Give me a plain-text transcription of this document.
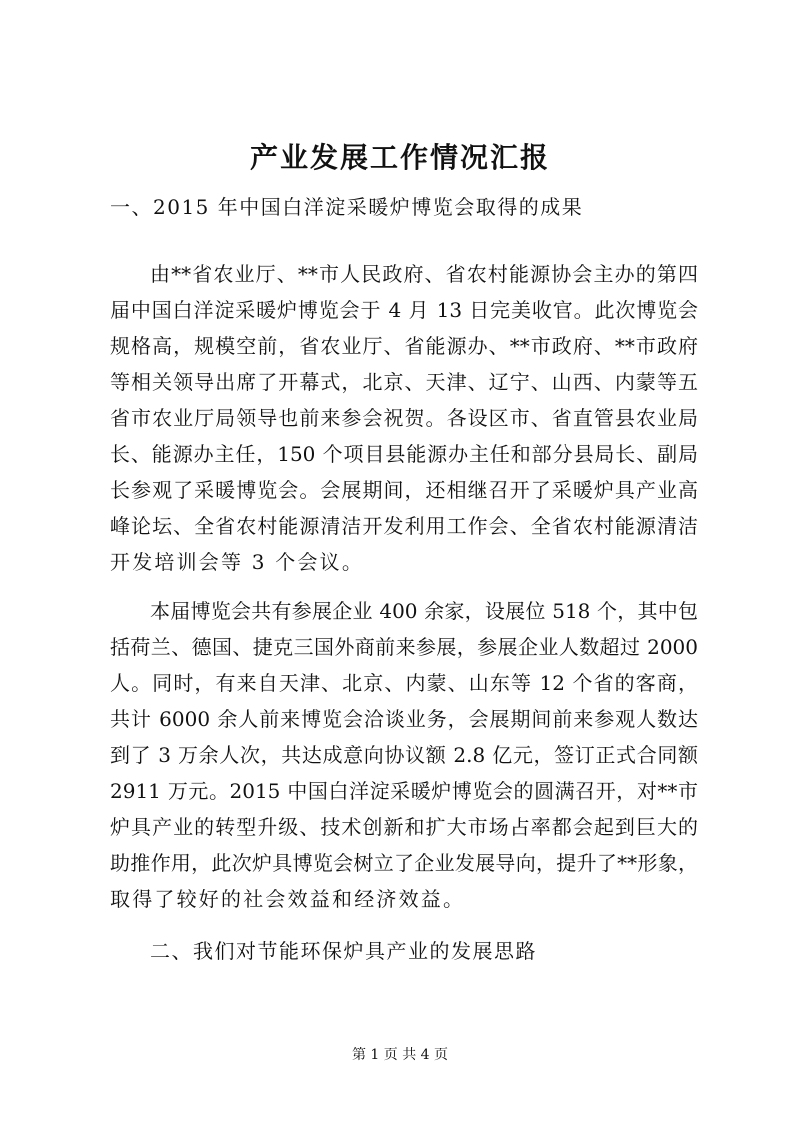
产业发展工作情况汇报

一、2015 年中国白洋淀采暖炉博览会取得的成果

由**省农业厅、**市人民政府、省农村能源协会主办的第四

届中国白洋淀采暖炉博览会于 4 月 13 日完美收官。此次博览会

规格高，规模空前，省农业厅、省能源办、**市政府、**市政府

等相关领导出席了开幕式，北京、天津、辽宁、山西、内蒙等五

省市农业厅局领导也前来参会祝贺。各设区市、省直管县农业局

长、能源办主任，150 个项目县能源办主任和部分县局长、副局

长参观了采暖博览会。会展期间，还相继召开了采暖炉具产业高

峰论坛、全省农村能源清洁开发利用工作会、全省农村能源清洁

开发培训会等 3 个会议。

本届博览会共有参展企业 400 余家，设展位 518 个，其中包

括荷兰、德国、捷克三国外商前来参展，参展企业人数超过 2000

人。同时，有来自天津、北京、内蒙、山东等 12 个省的客商，

共计 6000 余人前来博览会洽谈业务，会展期间前来参观人数达

到了 3 万余人次，共达成意向协议额 2.8 亿元，签订正式合同额

2911 万元。2015 中国白洋淀采暖炉博览会的圆满召开，对**市

炉具产业的转型升级、技术创新和扩大市场占率都会起到巨大的

助推作用，此次炉具博览会树立了企业发展导向，提升了**形象，

取得了较好的社会效益和经济效益。

二、我们对节能环保炉具产业的发展思路

第 1 页 共 4 页
